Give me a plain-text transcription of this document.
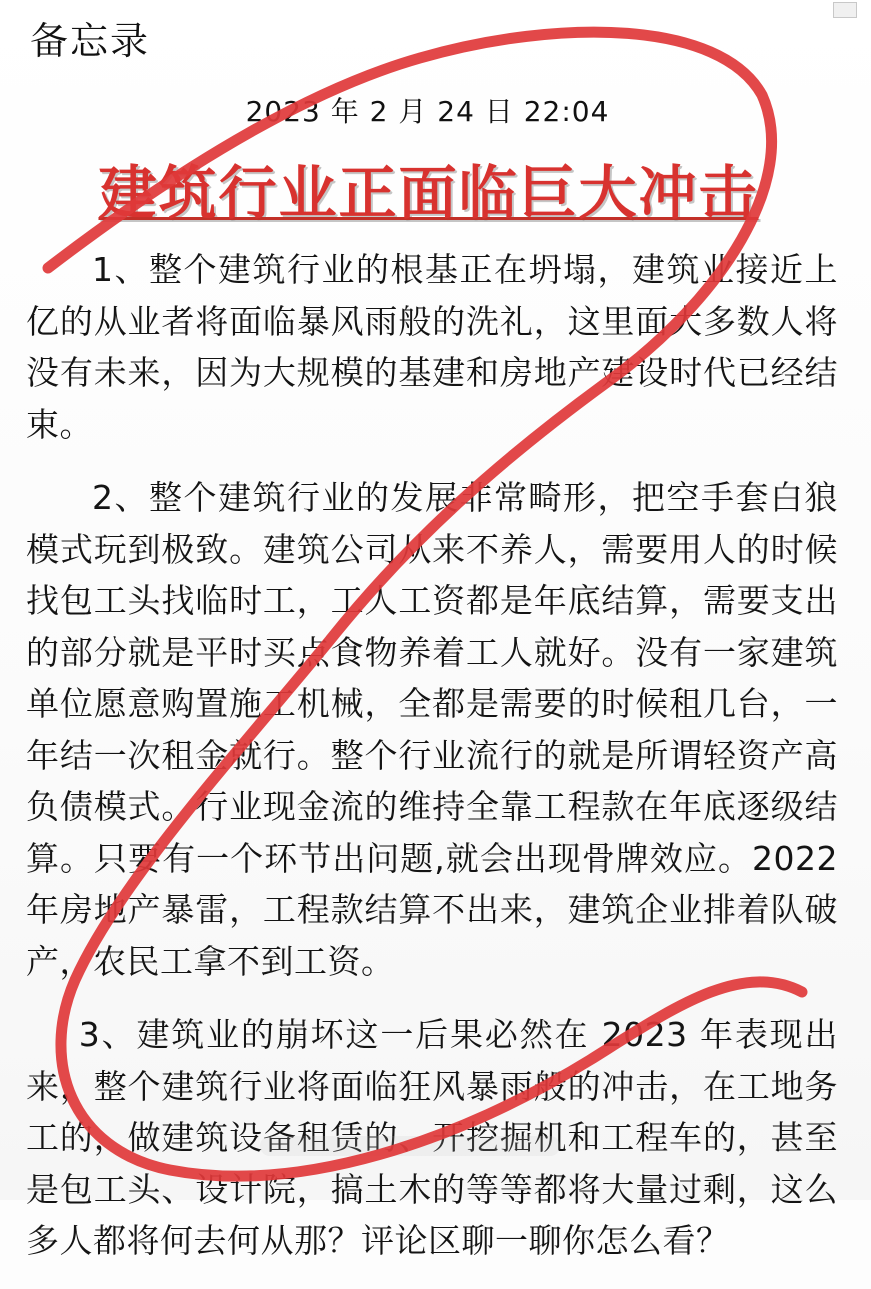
备忘录
2023 年 2 月 24 日 22:04
建筑行业正面临巨大冲击

1、整个建筑行业的根基正在坍塌，建筑业接近上亿的从业者将面临暴风雨般的洗礼，这里面大多数人将没有未来，因为大规模的基建和房地产建设时代已经结束。

2、整个建筑行业的发展非常畸形，把空手套白狼模式玩到极致。建筑公司从来不养人，需要用人的时候找包工头找临时工，工人工资都是年底结算，需要支出的部分就是平时买点食物养着工人就好。没有一家建筑单位愿意购置施工机械，全都是需要的时候租几台，一年结一次租金就行。整个行业流行的就是所谓轻资产高负债模式。行业现金流的维持全靠工程款在年底逐级结算。只要有一个环节出问题,就会出现骨牌效应。2022 年房地产暴雷，工程款结算不出来，建筑企业排着队破产，农民工拿不到工资。

3、建筑业的崩坏这一后果必然在 2023 年表现出来，整个建筑行业将面临狂风暴雨般的冲击，在工地务工的，做建筑设备租赁的、开挖掘机和工程车的，甚至是包工头、设计院，搞土木的等等都将大量过剩，这么多人都将何去何从那？评论区聊一聊你怎么看？
